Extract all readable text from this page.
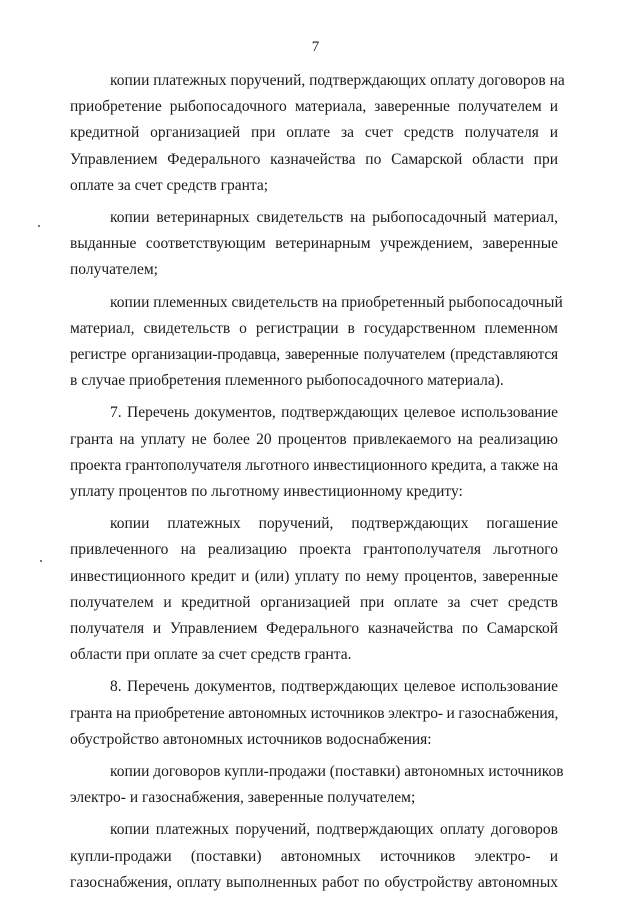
7

копии платежных поручений, подтверждающих оплату договоров на
приобретение рыбопосадочного материала, заверенные получателем и
кредитной организацией при оплате за счет средств получателя и
Управлением Федерального казначейства по Самарской области при
оплате за счет средств гранта;

копии ветеринарных свидетельств на рыбопосадочный материал,
выданные соответствующим ветеринарным учреждением, заверенные
получателем;

копии племенных свидетельств на приобретенный рыбопосадочный
материал, свидетельств о регистрации в государственном племенном
регистре организации-продавца, заверенные получателем (представляются
в случае приобретения племенного рыбопосадочного материала).

7. Перечень документов, подтверждающих целевое использование
гранта на уплату не более 20 процентов привлекаемого на реализацию
проекта грантополучателя льготного инвестиционного кредита, а также на
уплату процентов по льготному инвестиционному кредиту:

копии платежных поручений, подтверждающих погашение
привлеченного на реализацию проекта грантополучателя льготного
инвестиционного кредит и (или) уплату по нему процентов, заверенные
получателем и кредитной организацией при оплате за счет средств
получателя и Управлением Федерального казначейства по Самарской
области при оплате за счет средств гранта.

8. Перечень документов, подтверждающих целевое использование
гранта на приобретение автономных источников электро- и газоснабжения,
обустройство автономных источников водоснабжения:

копии договоров купли-продажи (поставки) автономных источников
электро- и газоснабжения, заверенные получателем;

копии платежных поручений, подтверждающих оплату договоров
купли-продажи (поставки) автономных источников электро- и
газоснабжения, оплату выполненных работ по обустройству автономных
